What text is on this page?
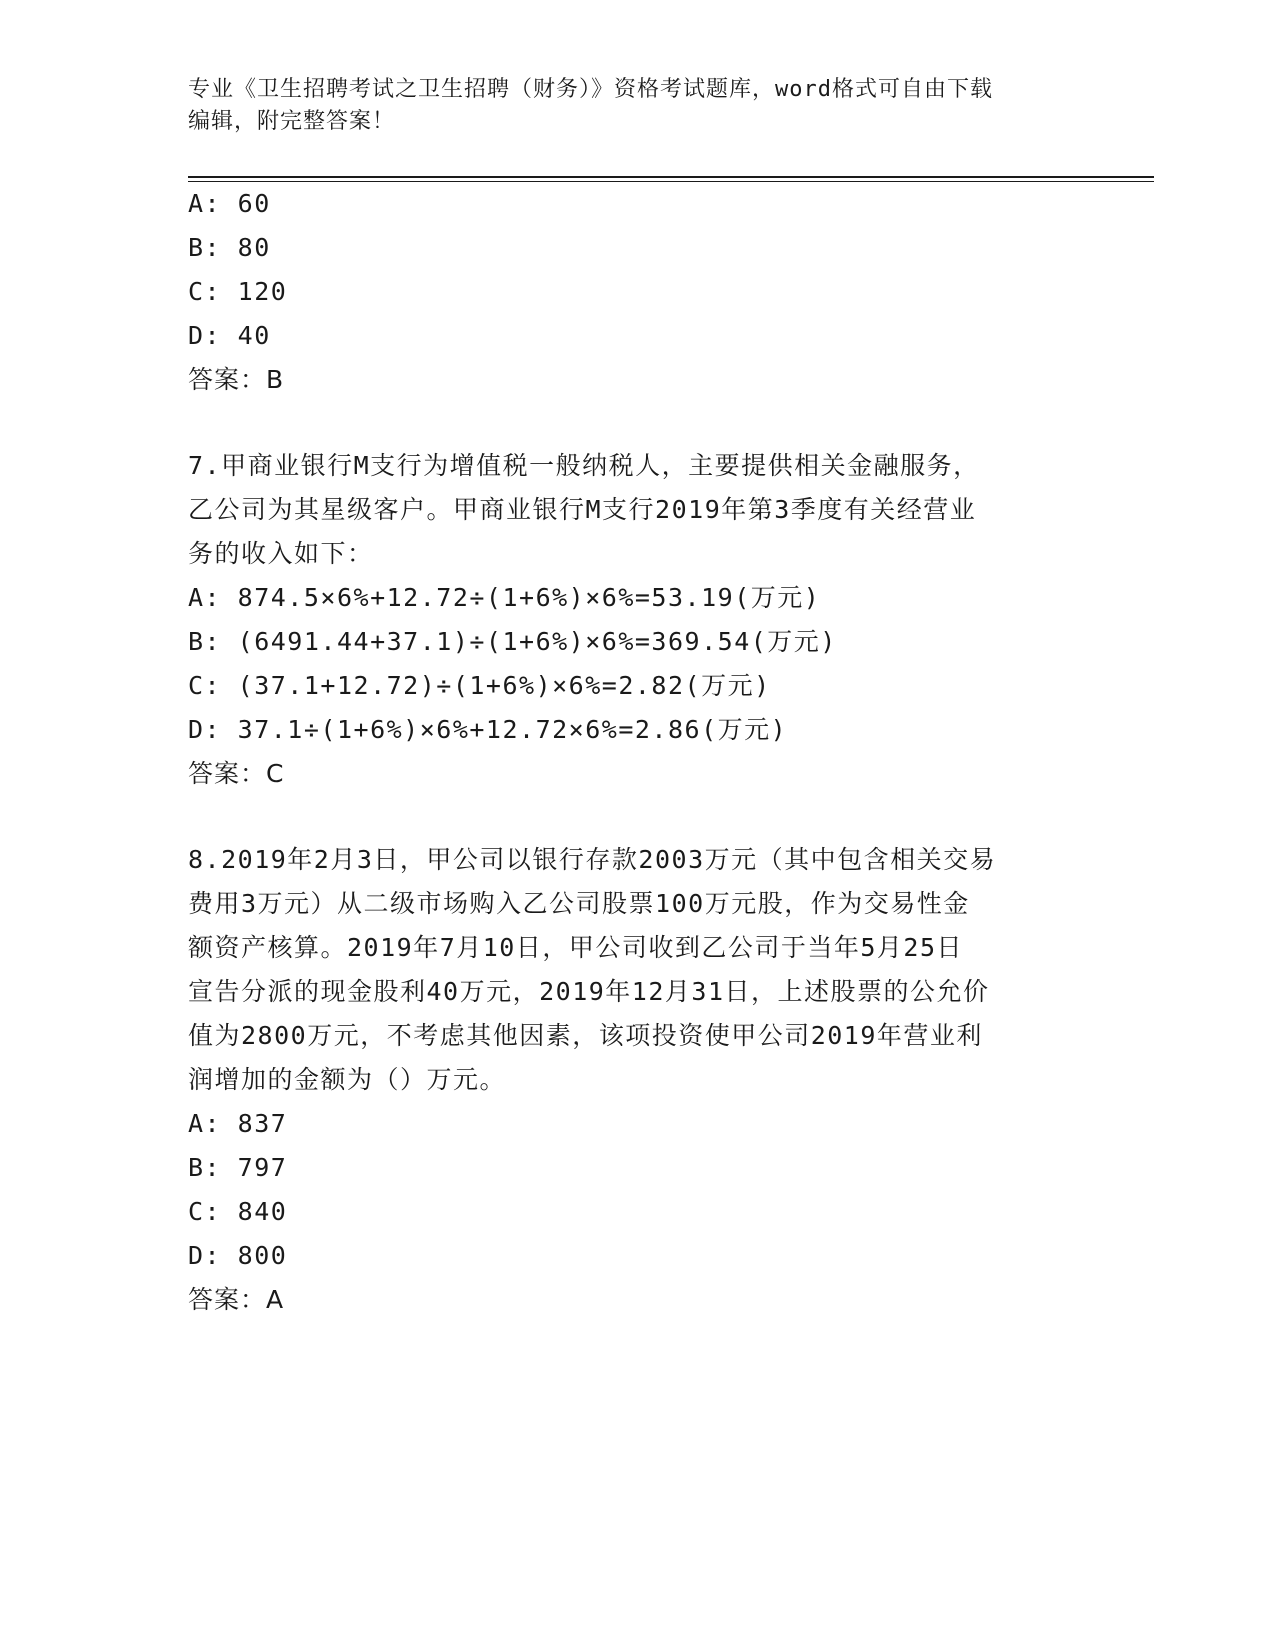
专业《卫生招聘考试之卫生招聘（财务）》资格考试题库，word格式可自由下载
编辑，附完整答案！
A: 60
B: 80
C: 120
D: 40
答案：B
7.甲商业银行M支行为增值税一般纳税人，主要提供相关金融服务，
乙公司为其星级客户。甲商业银行M支行2019年第3季度有关经营业
务的收入如下：
A: 874.5×6%+12.72÷(1+6%)×6%=53.19(万元)
B: (6491.44+37.1)÷(1+6%)×6%=369.54(万元)
C: (37.1+12.72)÷(1+6%)×6%=2.82(万元)
D: 37.1÷(1+6%)×6%+12.72×6%=2.86(万元)
答案：C
8.2019年2月3日，甲公司以银行存款2003万元（其中包含相关交易
费用3万元）从二级市场购入乙公司股票100万元股，作为交易性金
额资产核算。2019年7月10日，甲公司收到乙公司于当年5月25日
宣告分派的现金股利40万元，2019年12月31日，上述股票的公允价
值为2800万元，不考虑其他因素，该项投资使甲公司2019年营业利
润增加的金额为（）万元。
A: 837
B: 797
C: 840
D: 800
答案：A
